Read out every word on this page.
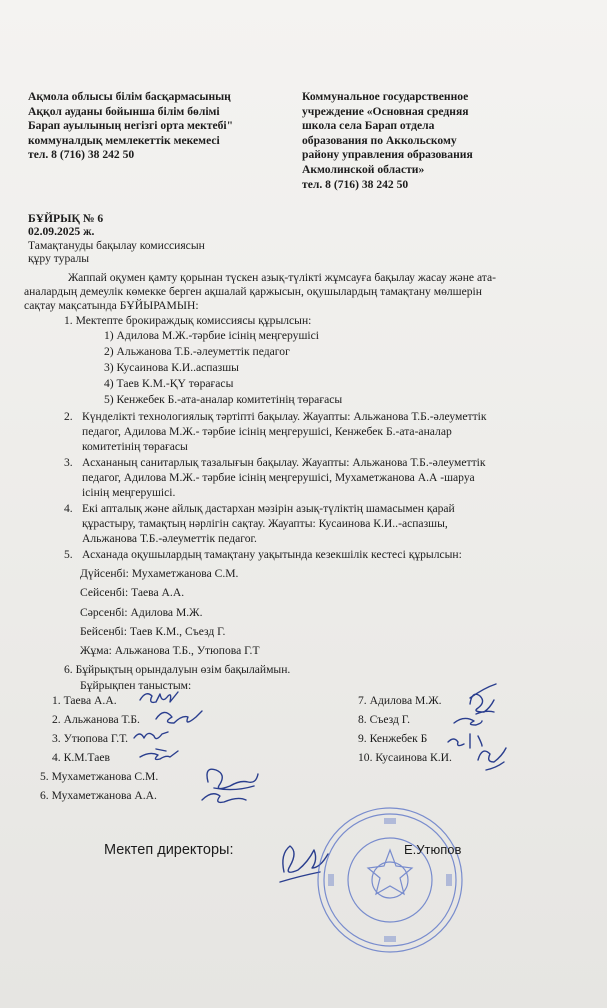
Ақмола облысы білім басқармасының
Аққол ауданы бойынша білім бөлімі
Барап ауылының негізгі орта мектебі"
коммуналдық мемлекеттік мекемесі
тел. 8 (716) 38 242 50
Коммунальное государственное
учреждение «Основная средняя
школа села Барап отдела
образования по Аккольскому
району управления образования
Акмолинской области»
тел. 8 (716) 38 242 50
БҰЙРЫҚ № 6
02.09.2025 ж.
Тамақтануды бақылау комиссиясын
құру туралы
Жаппай оқумен қамту қорынан түскен азық-түлікті жұмсауға бақылау жасау және ата-
аналардың демеулік көмекке берген ақшалай қаржысын, оқушылардың тамақтану мөлшерін
сақтау мақсатында БҰЙЫРАМЫН:
1. Мектепте брокираждық комиссиясы құрылсын:
1) Адилова М.Ж.-тәрбие ісінің меңгерушісі
2) Альжанова Т.Б.-әлеуметтік педагог
3) Кусаинова К.И..аспазшы
4) Таев К.М.-ҚҮ төрағасы
5) Кенжебек Б.-ата-аналар комитетінің төрағасы
2. Күнделікті технологиялық тәртіпті бақылау. Жауапты: Альжанова Т.Б.-әлеуметтік
педагог, Адилова М.Ж.- тәрбие ісінің меңгерушісі, Кенжебек Б.-ата-аналар
комитетінің төрағасы
3. Асхананың санитарлық тазалығын бақылау. Жауапты: Альжанова Т.Б.-әлеуметтік
педагог, Адилова М.Ж.- тәрбие ісінің меңгерушісі, Мухаметжанова А.А -шаруа
ісінің меңгерушісі.
4. Екі апталық және айлық дастархан мәзірін азық-түліктің шамасымен қарай
құрастыру, тамақтың нәрлігін сақтау. Жауапты: Кусаинова К.И..-аспазшы,
Альжанова Т.Б.-әлеуметтік педагог.
5. Асханада оқушылардың тамақтану уақытында кезекшілік кестесі құрылсын:
Дүйсенбі: Мухаметжанова С.М.
Сейсенбі: Таева А.А.
Сәрсенбі: Адилова М.Ж.
Бейсенбі: Таев К.М., Съезд Г.
Жұма: Альжанова Т.Б., Утюпова Г.Т
6. Бұйрықтың орындалуын өзім бақылаймын.
Бұйрықпен таныстым:
1. Таева А.А.
2. Альжанова Т.Б.
3. Утюпова Г.Т.
4. К.М.Таев
5. Мухаметжанова С.М.
6. Мухаметжанова А.А.
7. Адилова М.Ж.
8. Съезд Г.
9. Кенжебек Б
10. Кусаинова К.И.
Мектеп директоры:	Е.Утюпов
